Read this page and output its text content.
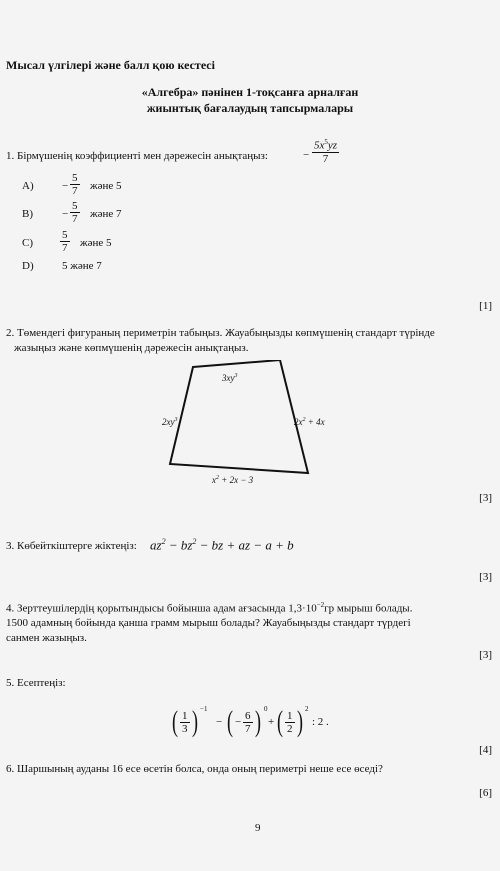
Мысал үлгілері және балл қою кестесі
«Алгебра» пәнінен 1-тоқсанға арналған
жиынтық бағалаудың тапсырмалары
1. Бірмүшенің коэффициенті мен дәрежесін анықтаңыз:	− $\frac{5x^5yz}{7}$
A)	− $\frac{5}{7}$ және 5
B)	− $\frac{5}{7}$ және 7
$C) \frac{5}{7}$ және 5
D)	5 және 7
[1]
2. Төмендегі фигураның периметрін табыңыз. Жауабыңызды көпмүшенің стандарт түрінде
жазыңыз және көпмүшенің дәрежесін анықтаңыз.
$3xy^3$
$2xy^3$	$2x^2 + 4x$
$x^2 + 2x - 3$
[3]
3. Көбейткіштерге жіктеңіз: $az^2 - bz^2$ − bz + az − a + b
[3]
4. Зерттеушілердің қорытындысы бойынша адам ағзасында $1,3\cdot 10^{-2}гр$ мырыш болады.
1500 адамның бойында қанша грамм мырыш болады? Жауабыңызды стандарт түрдегі
санмен жазыңыз.
[3]
5. Есептеңіз:
( $\frac{1}{3}$ ) −1
− ( − $\frac{6}{7}$ ) 0
+ ( $\frac{1}{2}$ ) 2
: 2 .
[4]
6. Шаршының ауданы 16 есе өсетін болса, онда оның периметрі неше есе өседі?
[6]
9
